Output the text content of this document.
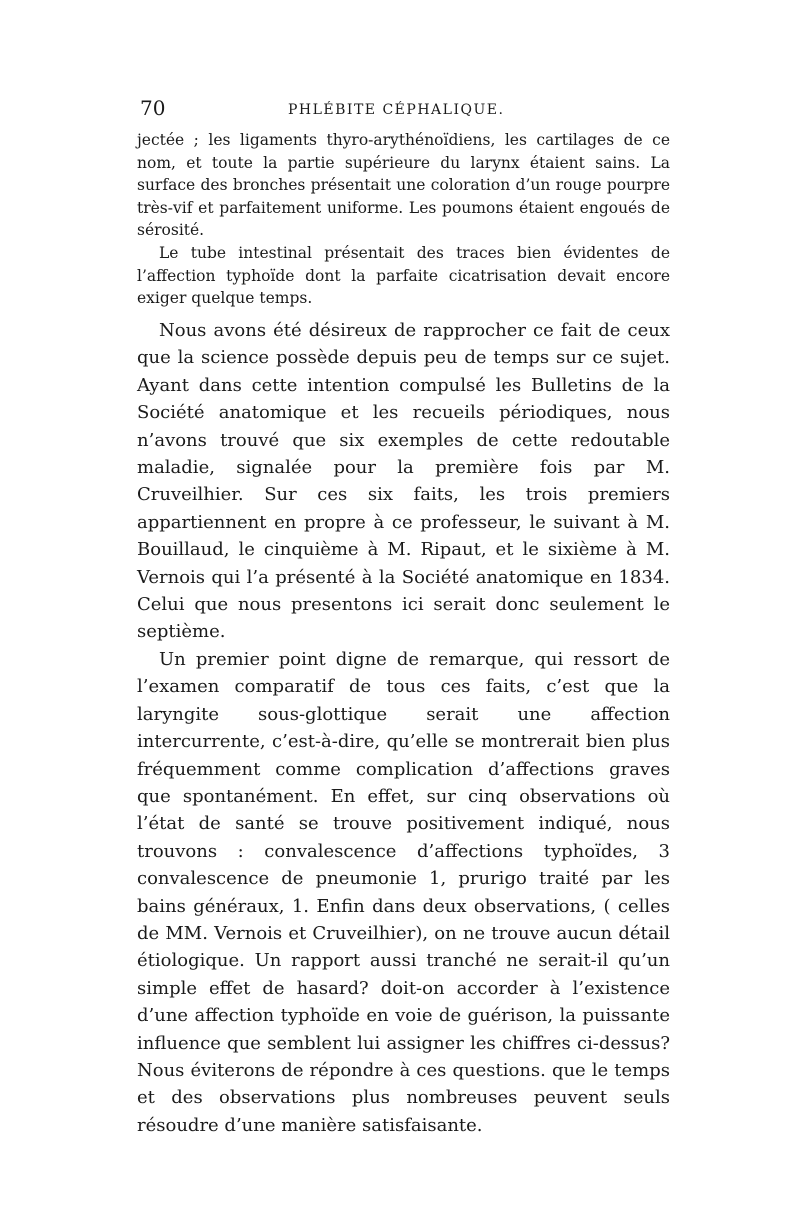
70	PHLÉBITE CÉPHALIQUE.

jectée ; les ligaments thyro-arythénoïdiens, les cartilages de ce nom, et toute la partie supérieure du larynx étaient sains. La surface des bronches présentait une coloration d’un rouge pourpre très-vif et parfaitement uniforme. Les poumons étaient engoués de sérosité.

Le tube intestinal présentait des traces bien évidentes de l’affection typhoïde dont la parfaite cicatrisation devait encore exiger quelque temps.

Nous avons été désireux de rapprocher ce fait de ceux que la science possède depuis peu de temps sur ce sujet. Ayant dans cette intention compulsé les Bulletins de la Société anatomique et les recueils périodiques, nous n’avons trouvé que six exemples de cette redoutable maladie, signalée pour la première fois par M. Cruveilhier. Sur ces six faits, les trois premiers appartiennent en propre à ce professeur, le suivant à M. Bouillaud, le cinquième à M. Ripaut, et le sixième à M. Vernois qui l’a présenté à la Société anatomique en 1834. Celui que nous presentons ici serait donc seulement le septième.

Un premier point digne de remarque, qui ressort de l’examen comparatif de tous ces faits, c’est que la laryngite sous-glottique serait une affection intercurrente, c’est-à-dire, qu’elle se montrerait bien plus fréquemment comme complication d’affections graves que spontanément. En effet, sur cinq observations où l’état de santé se trouve positivement indiqué, nous trouvons : convalescence d’affections typhoïdes, 3 convalescence de pneumonie 1, prurigo traité par les bains généraux, 1. Enfin dans deux observations, ( celles de MM. Vernois et Cruveilhier), on ne trouve aucun détail étiologique. Un rapport aussi tranché ne serait-il qu’un simple effet de hasard? doit-on accorder à l’existence d’une affection typhoïde en voie de guérison, la puissante influence que semblent lui assigner les chiffres ci-dessus? Nous éviterons de répondre à ces questions. que le temps et des observations plus nombreuses peuvent seuls résoudre d’une manière satisfaisante.
